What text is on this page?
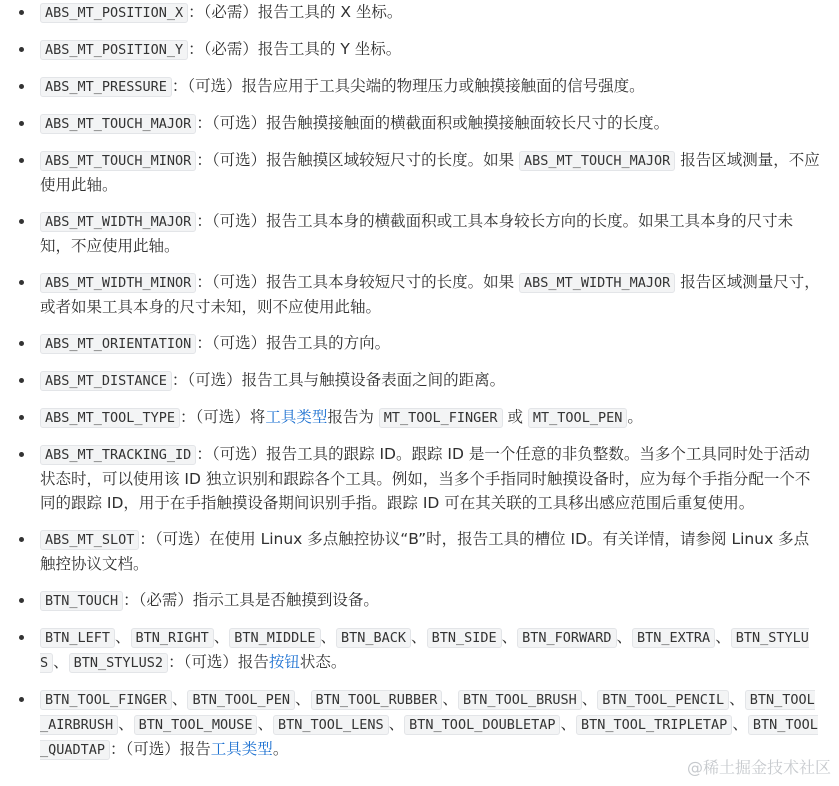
ABS_MT_POSITION_X ：（必需）报告工具的 X 坐标。
ABS_MT_POSITION_Y ：（必需）报告工具的 Y 坐标。
ABS_MT_PRESSURE ：（可选）报告应用于工具尖端的物理压力或触摸接触面的信号强度。
ABS_MT_TOUCH_MAJOR ：（可选）报告触摸接触面的横截面积或触摸接触面较长尺寸的长度。
ABS_MT_TOUCH_MINOR ：（可选）报告触摸区域较短尺寸的长度。如果 ABS_MT_TOUCH_MAJOR 报告区域测量，不应使用此轴。
ABS_MT_WIDTH_MAJOR ：（可选）报告工具本身的横截面积或工具本身较长方向的长度。如果工具本身的尺寸未知，不应使用此轴。
ABS_MT_WIDTH_MINOR ：（可选）报告工具本身较短尺寸的长度。如果 ABS_MT_WIDTH_MAJOR 报告区域测量尺寸，或者如果工具本身的尺寸未知，则不应使用此轴。
ABS_MT_ORIENTATION ：（可选）报告工具的方向。
ABS_MT_DISTANCE ：（可选）报告工具与触摸设备表面之间的距离。
ABS_MT_TOOL_TYPE ：（可选）将工具类型报告为 MT_TOOL_FINGER 或 MT_TOOL_PEN 。
ABS_MT_TRACKING_ID ：（可选）报告工具的跟踪 ID。跟踪 ID 是一个任意的非负整数。当多个工具同时处于活动状态时，可以使用该 ID 独立识别和跟踪各个工具。例如，当多个手指同时触摸设备时，应为每个手指分配一个不同的跟踪 ID，用于在手指触摸设备期间识别手指。跟踪 ID 可在其关联的工具移出感应范围后重复使用。
ABS_MT_SLOT ：（可选）在使用 Linux 多点触控协议“B”时，报告工具的槽位 ID。有关详情，请参阅 Linux 多点触控协议文档。
BTN_TOUCH ：（必需）指示工具是否触摸到设备。
BTN_LEFT 、 BTN_RIGHT 、 BTN_MIDDLE 、 BTN_BACK 、 BTN_SIDE 、 BTN_FORWARD 、 BTN_EXTRA 、 BTN_STYLUS 、 BTN_STYLUS2 ：（可选）报告按钮状态。
BTN_TOOL_FINGER 、 BTN_TOOL_PEN 、 BTN_TOOL_RUBBER 、 BTN_TOOL_BRUSH 、 BTN_TOOL_PENCIL 、 BTN_TOOL_AIRBRUSH 、 BTN_TOOL_MOUSE 、 BTN_TOOL_LENS 、 BTN_TOOL_DOUBLETAP 、 BTN_TOOL_TRIPLETAP 、 BTN_TOOL_QUADTAP ：（可选）报告工具类型。
@稀土掘金技术社区
